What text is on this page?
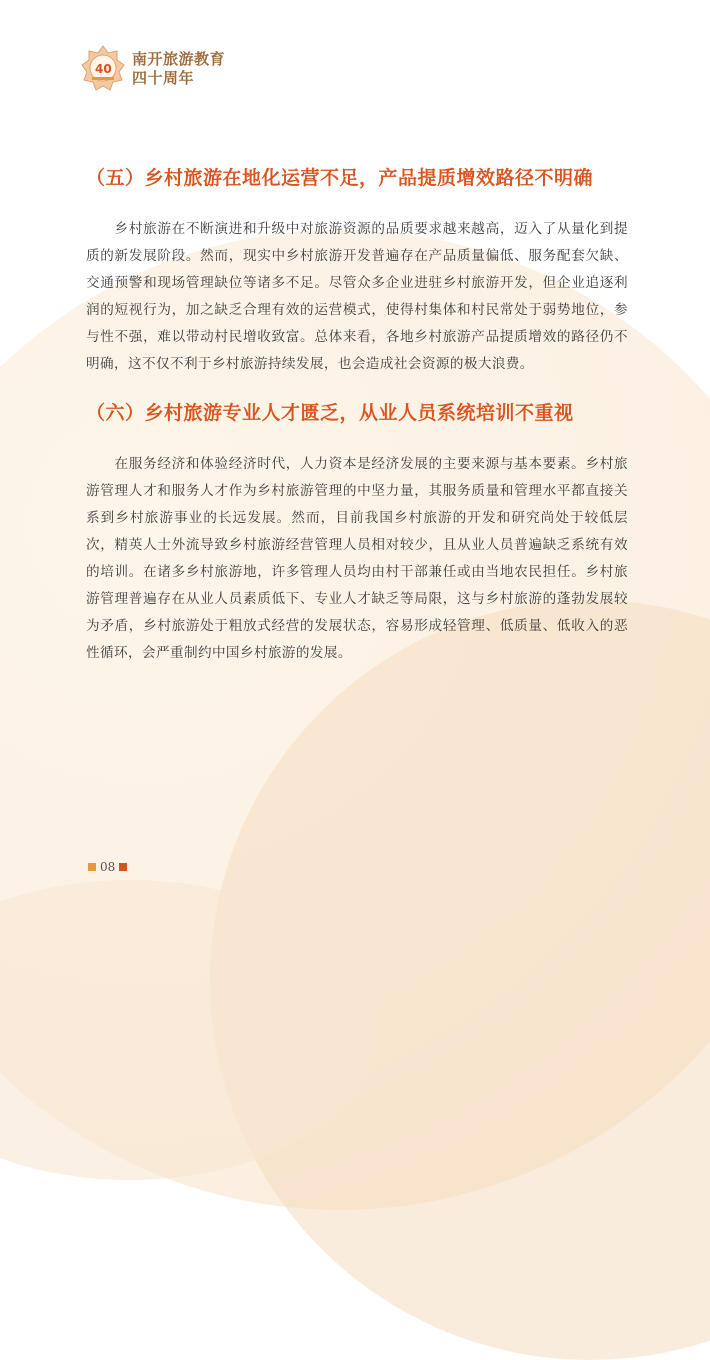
40
南开旅游教育
四十周年
（五）乡村旅游在地化运营不足，产品提质增效路径不明确
乡村旅游在不断演进和升级中对旅游资源的品质要求越来越高，迈入了从量化到提质的新发展阶段。然而，现实中乡村旅游开发普遍存在产品质量偏低、服务配套欠缺、交通预警和现场管理缺位等诸多不足。尽管众多企业进驻乡村旅游开发，但企业追逐利润的短视行为，加之缺乏合理有效的运营模式，使得村集体和村民常处于弱势地位，参与性不强，难以带动村民增收致富。总体来看，各地乡村旅游产品提质增效的路径仍不明确，这不仅不利于乡村旅游持续发展，也会造成社会资源的极大浪费。
（六）乡村旅游专业人才匮乏，从业人员系统培训不重视
在服务经济和体验经济时代，人力资本是经济发展的主要来源与基本要素。乡村旅游管理人才和服务人才作为乡村旅游管理的中坚力量，其服务质量和管理水平都直接关系到乡村旅游事业的长远发展。然而，目前我国乡村旅游的开发和研究尚处于较低层次，精英人士外流导致乡村旅游经营管理人员相对较少，且从业人员普遍缺乏系统有效的培训。在诸多乡村旅游地，许多管理人员均由村干部兼任或由当地农民担任。乡村旅游管理普遍存在从业人员素质低下、专业人才缺乏等局限，这与乡村旅游的蓬勃发展较为矛盾，乡村旅游处于粗放式经营的发展状态，容易形成轻管理、低质量、低收入的恶性循环，会严重制约中国乡村旅游的发展。
08
